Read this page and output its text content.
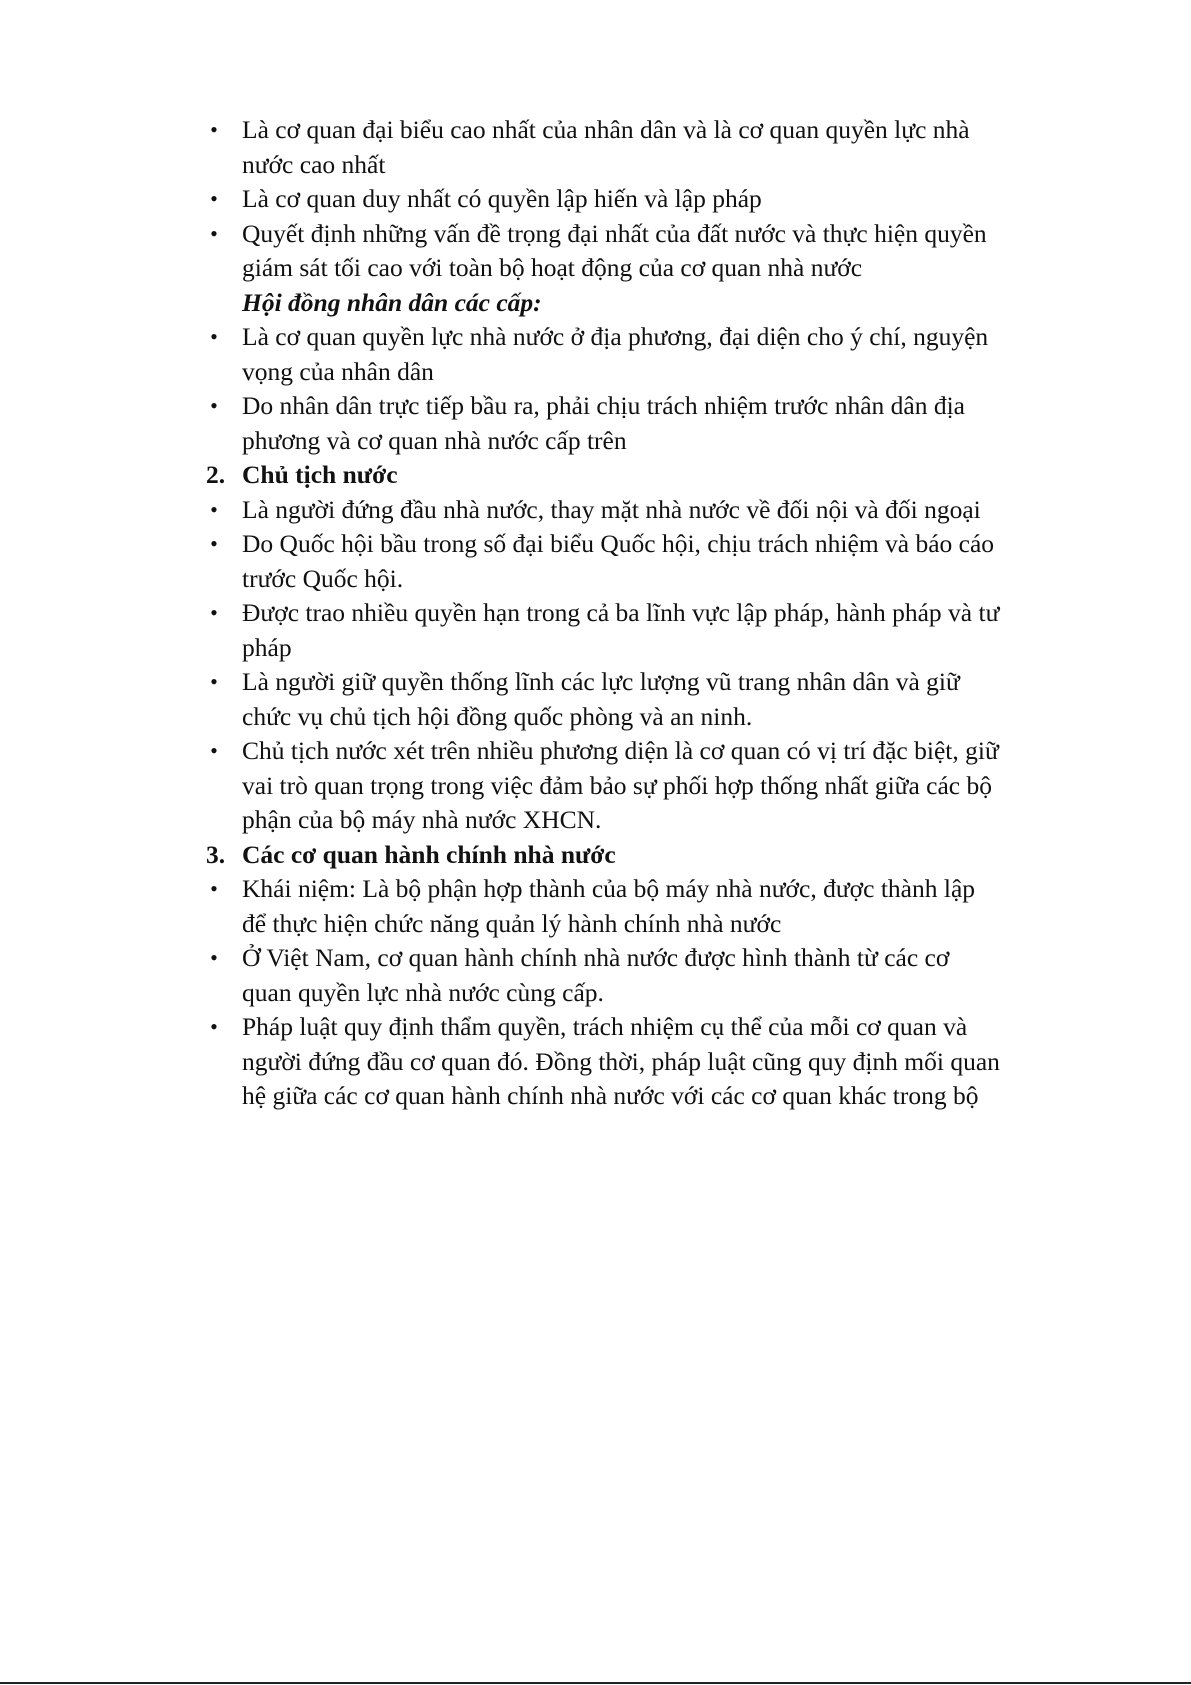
• Là cơ quan đại biểu cao nhất của nhân dân và là cơ quan quyền lực nhà
nước cao nhất
• Là cơ quan duy nhất có quyền lập hiến và lập pháp
• Quyết định những vấn đề trọng đại nhất của đất nước và thực hiện quyền
giám sát tối cao với toàn bộ hoạt động của cơ quan nhà nước
Hội đồng nhân dân các cấp:
• Là cơ quan quyền lực nhà nước ở địa phương, đại diện cho ý chí, nguyện
vọng của nhân dân
• Do nhân dân trực tiếp bầu ra, phải chịu trách nhiệm trước nhân dân địa
phương và cơ quan nhà nước cấp trên
2. Chủ tịch nước
• Là người đứng đầu nhà nước, thay mặt nhà nước về đối nội và đối ngoại
• Do Quốc hội bầu trong số đại biểu Quốc hội, chịu trách nhiệm và báo cáo
trước Quốc hội.
• Được trao nhiều quyền hạn trong cả ba lĩnh vực lập pháp, hành pháp và tư
pháp
• Là người giữ quyền thống lĩnh các lực lượng vũ trang nhân dân và giữ
chức vụ chủ tịch hội đồng quốc phòng và an ninh.
• Chủ tịch nước xét trên nhiều phương diện là cơ quan có vị trí đặc biệt, giữ
vai trò quan trọng trong việc đảm bảo sự phối hợp thống nhất giữa các bộ
phận của bộ máy nhà nước XHCN.
3. Các cơ quan hành chính nhà nước
• Khái niệm: Là bộ phận hợp thành của bộ máy nhà nước, được thành lập
để thực hiện chức năng quản lý hành chính nhà nước
• Ở Việt Nam, cơ quan hành chính nhà nước được hình thành từ các cơ
quan quyền lực nhà nước cùng cấp.
• Pháp luật quy định thẩm quyền, trách nhiệm cụ thể của mỗi cơ quan và
người đứng đầu cơ quan đó. Đồng thời, pháp luật cũng quy định mối quan
hệ giữa các cơ quan hành chính nhà nước với các cơ quan khác trong bộ
